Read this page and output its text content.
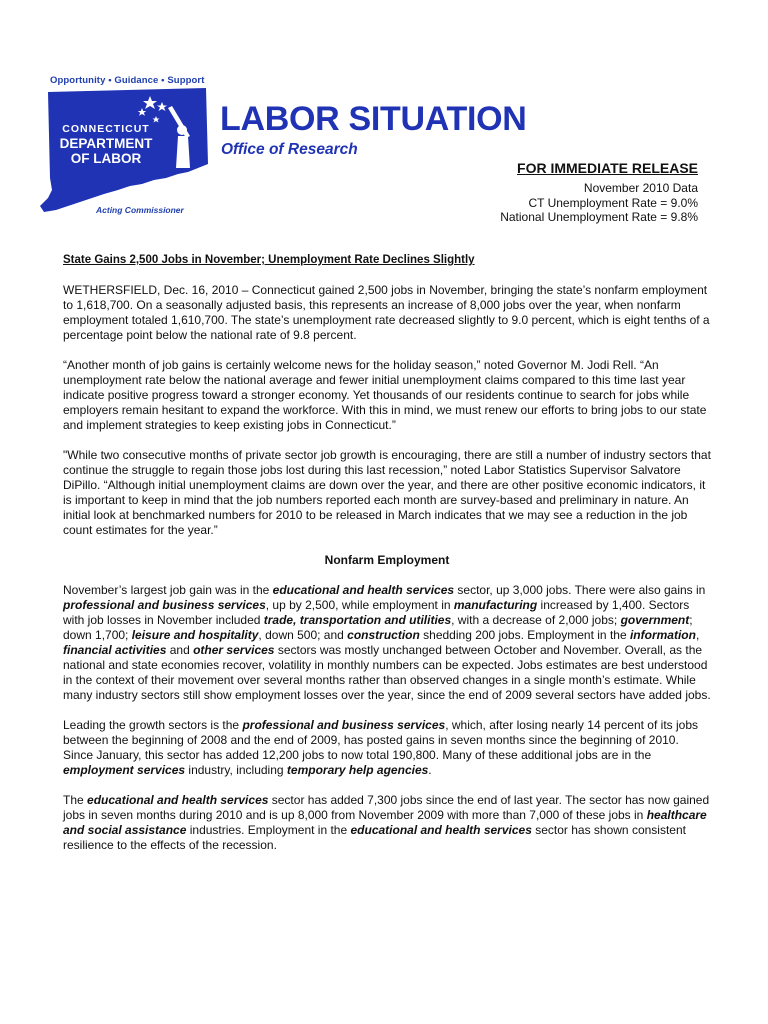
Opportunity • Guidance • Support
CONNECTICUT
DEPARTMENT
OF LABOR
Acting Commissioner
LABOR SITUATION
Office of Research
FOR IMMEDIATE RELEASE
November 2010 Data
CT Unemployment Rate = 9.0%
National Unemployment Rate = 9.8%
State Gains 2,500 Jobs in November; Unemployment Rate Declines Slightly

WETHERSFIELD, Dec. 16, 2010 – Connecticut gained 2,500 jobs in November, bringing the state’s nonfarm employment to 1,618,700. On a seasonally adjusted basis, this represents an increase of 8,000 jobs over the year, when nonfarm employment totaled 1,610,700. The state’s unemployment rate decreased slightly to 9.0 percent, which is eight tenths of a percentage point below the national rate of 9.8 percent.

“Another month of job gains is certainly welcome news for the holiday season,” noted Governor M. Jodi Rell. “An unemployment rate below the national average and fewer initial unemployment claims compared to this time last year indicate positive progress toward a stronger economy. Yet thousands of our residents continue to search for jobs while employers remain hesitant to expand the workforce. With this in mind, we must renew our efforts to bring jobs to our state and implement strategies to keep existing jobs in Connecticut.”

"While two consecutive months of private sector job growth is encouraging, there are still a number of industry sectors that continue the struggle to regain those jobs lost during this last recession,” noted Labor Statistics Supervisor Salvatore DiPillo. “Although initial unemployment claims are down over the year, and there are other positive economic indicators, it is important to keep in mind that the job numbers reported each month are survey-based and preliminary in nature. An initial look at benchmarked numbers for 2010 to be released in March indicates that we may see a reduction in the job count estimates for the year.”

Nonfarm Employment

November’s largest job gain was in the educational and health services sector, up 3,000 jobs. There were also gains in professional and business services, up by 2,500, while employment in manufacturing increased by 1,400. Sectors with job losses in November included trade, transportation and utilities, with a decrease of 2,000 jobs; government; down 1,700; leisure and hospitality, down 500; and construction shedding 200 jobs. Employment in the information, financial activities and other services sectors was mostly unchanged between October and November. Overall, as the national and state economies recover, volatility in monthly numbers can be expected. Jobs estimates are best understood in the context of their movement over several months rather than observed changes in a single month’s estimate. While many industry sectors still show employment losses over the year, since the end of 2009 several sectors have added jobs.

Leading the growth sectors is the professional and business services, which, after losing nearly 14 percent of its jobs between the beginning of 2008 and the end of 2009, has posted gains in seven months since the beginning of 2010. Since January, this sector has added 12,200 jobs to now total 190,800. Many of these additional jobs are in the employment services industry, including temporary help agencies.

The educational and health services sector has added 7,300 jobs since the end of last year. The sector has now gained jobs in seven months during 2010 and is up 8,000 from November 2009 with more than 7,000 of these jobs in healthcare and social assistance industries. Employment in the educational and health services sector has shown consistent resilience to the effects of the recession.
